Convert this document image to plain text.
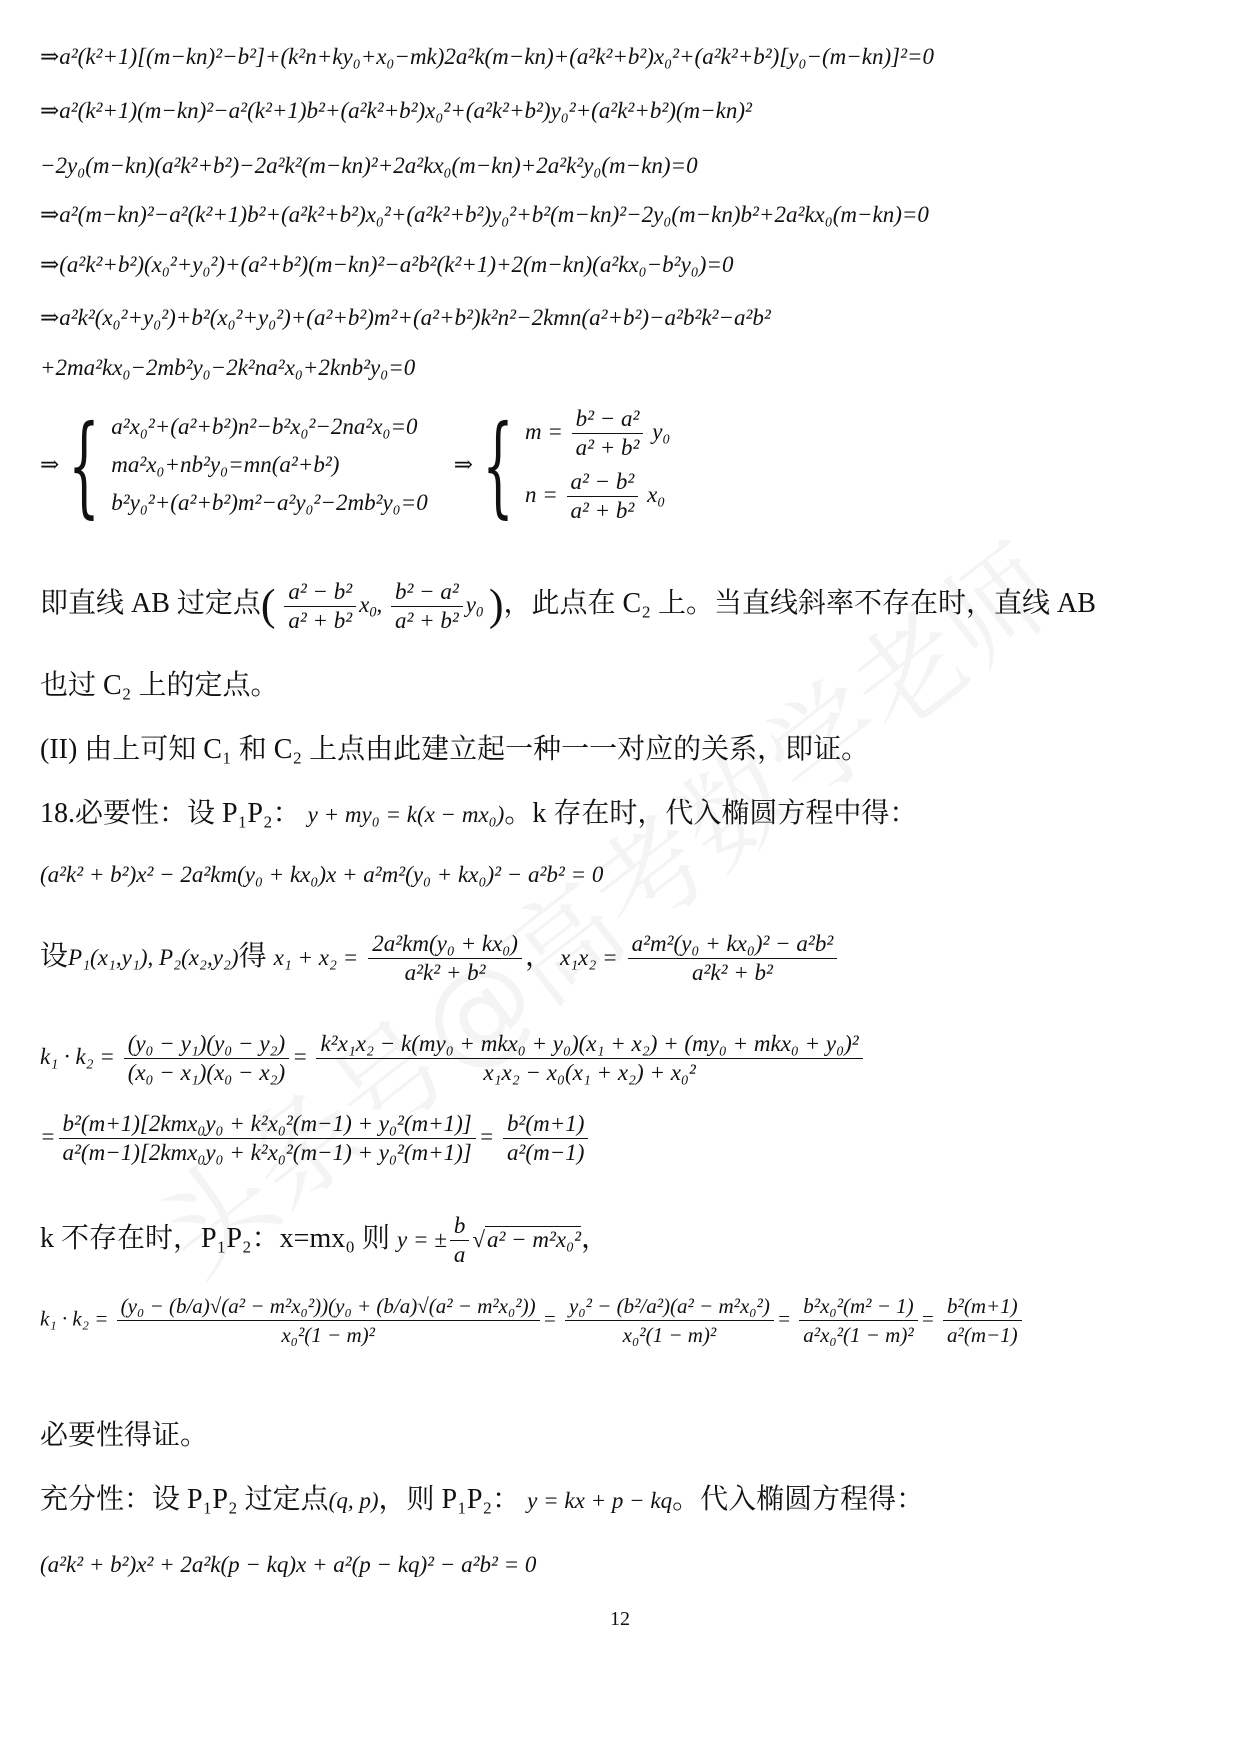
⇒a²(k²+1)[(m−kn)²−b²]+(k²n+ky₀+x₀−mk)2a²k(m−kn)+(a²k²+b²)x₀²+(a²k²+b²)[y₀−(m−kn)]²=0
⇒a²(k²+1)(m−kn)²−a²(k²+1)b²+(a²k²+b²)x₀²+(a²k²+b²)y₀²+(a²k²+b²)(m−kn)²
−2y₀(m−kn)(a²k²+b²)−2a²k²(m−kn)²+2a²kx₀(m−kn)+2a²k²y₀(m−kn)=0
⇒a²(m−kn)²−a²(k²+1)b²+(a²k²+b²)x₀²+(a²k²+b²)y₀²+b²(m−kn)²−2y₀(m−kn)b²+2a²kx₀(m−kn)=0
⇒(a²k²+b²)(x₀²+y₀²)+(a²+b²)(m−kn)²−a²b²(k²+1)+2(m−kn)(a²kx₀−b²y₀)=0
⇒a²k²(x₀²+y₀²)+b²(x₀²+y₀²)+(a²+b²)m²+(a²+b²)k²n²−2kmn(a²+b²)−a²b²k²−a²b²
+2ma²kx₀−2mb²y₀−2k²na²x₀+2knb²y₀=0
⇒ { a²x₀²+(a²+b²)n²−b²x₀²−2na²x₀=0
ma²x₀+nb²y₀=mn(a²+b²)
b²y₀²+(a²+b²)m²−a²y₀²−2mb²y₀=0
⇒ { $m = \frac{\text{b² − a²}}{\text{a² + b²}} y_0$
$n = \frac{\text{a² − b²}}{\text{a² + b²}} x_0$
即直线 AB 过定点( $\frac{\text{a² − b²}}{\text{a² + b²}} x_0$, $\frac{\text{b² − a²}}{\text{a² + b²}} y_0$ )，此点在 C₂ 上。当直线斜率不存在时，直线 AB
也过 C₂ 上的定点。
(II) 由上可知 C₁ 和 C₂ 上点由此建立起一种一一对应的关系，即证。
18.必要性：设 P₁P₂： y + my₀ = k(x − mx₀)。k 存在时，代入椭圆方程中得：
(a²k² + b²)x² − 2a²km(y₀ + kx₀)x + a²m²(y₀ + kx₀)² − a²b² = 0
设P₁(x₁,y₁), P₂(x₂,y₂)得 $x_1 + x_2 = \frac{\text{2a²km(y₀ + kx₀)}}{\text{a²k² + b²}}$ ， $x_1x_2 = \frac{\text{a²m²(y₀ + kx₀)² − a²b²}}{\text{a²k² + b²}}$
$k_1 \cdot k_2 = \frac{\text{(y₀ − y₁)(y₀ − y₂)}}{\text{(x₀ − x₁)(x₀ − x₂)}} = \frac{\text{k²x₁x₂ − k(my₀ + mkx₀ + y₀)(x₁ + x₂) + (my₀ + mkx₀ + y₀)²}}{\text{x₁x₂ − x₀(x₁ + x₂) + x₀²}}$
= $\frac{\text{b²(m+1)[2kmx₀y₀ + k²x₀²(m−1) + y₀²(m+1)]}}{\text{a²(m−1)[2kmx₀y₀ + k²x₀²(m−1) + y₀²(m+1)]}} = \frac{\text{b²(m+1)}}{\text{a²(m−1)}}$
k 不存在时，P₁P₂：x=mx₀ 则 y = ± $\frac{b}{a} √a^2 - m^2x_0^2$，
$k_1 \cdot k_2 = \frac{\text{(y₀ − (b/a)√(a² − m²x₀²))(y₀ + (b/a)√(a² − m²x₀²))}}{\text{x₀²(1 − m)²}} = \frac{\text{y₀² − (b²/a²)(a² − m²x₀²)}}{\text{x₀²(1 − m)²}} = \frac{\text{b²x₀²(m² − 1)}}{\text{a²x₀²(1 − m)²}} = \frac{\text{b²(m+1)}}{\text{a²(m−1)}}$
必要性得证。
充分性：设 P₁P₂ 过定点(q, p)，则 P₁P₂： y = kx + p − kq。代入椭圆方程得：
(a²k² + b²)x² + 2a²k(p − kq)x + a²(p − kq)² − a²b² = 0
12
